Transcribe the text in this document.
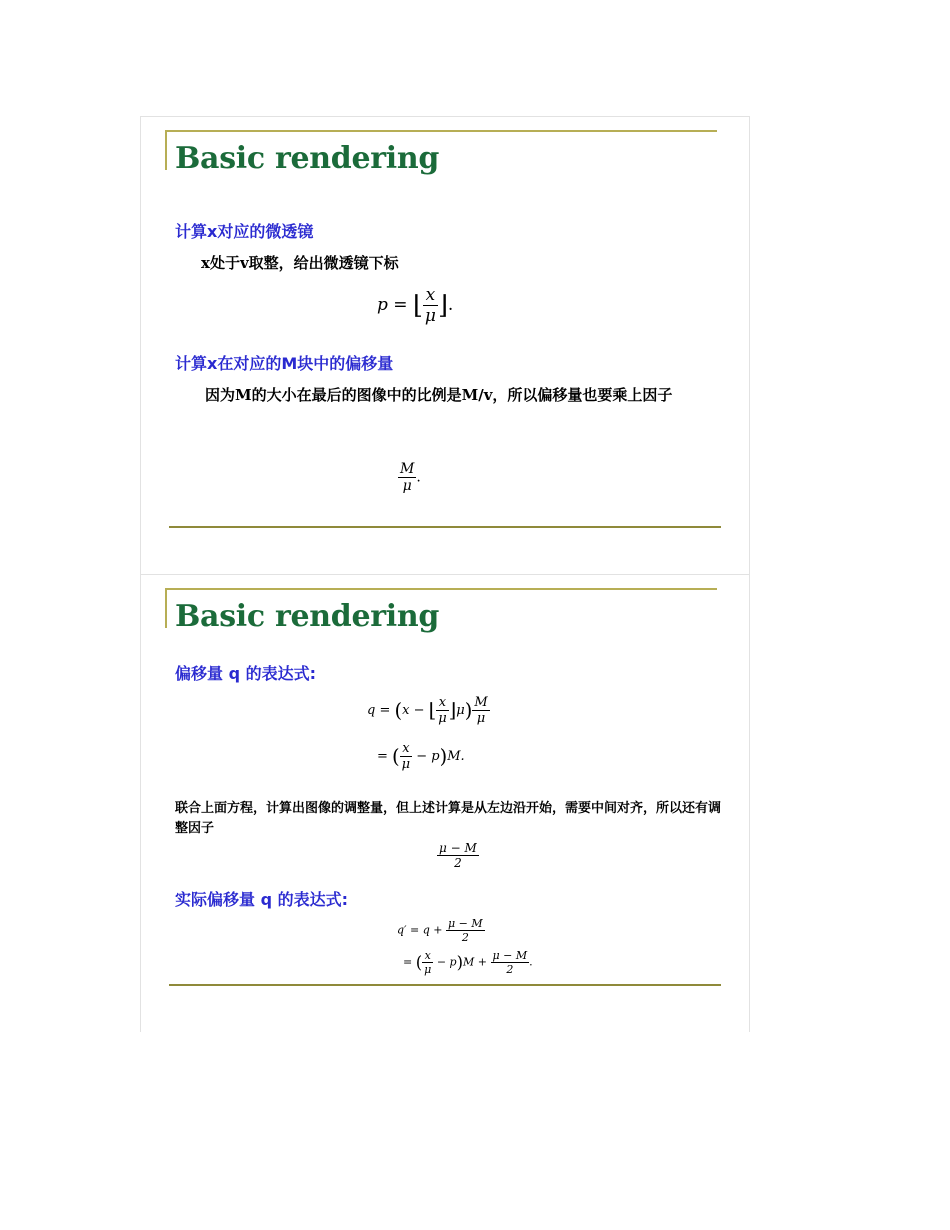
Basic rendering
计算x对应的微透镜
x处于v取整，给出微透镜下标
p = ⌊ $\frac{x}{\mu}$ ⌋.
计算x在对应的M块中的偏移量
因为M的大小在最后的图像中的比例是M/v，所以偏移量也要乘上因子
$\frac{M}{\mu}$ .
Basic rendering
偏移量 q 的表达式:
q = (x − ⌊ $\frac{x}{\mu}$ ⌋μ) $\frac{M}{\mu}$
= ( $\frac{x}{\mu} - p)M$.
联合上面方程，计算出图像的调整量，但上述计算是从左边沿开始，需要中间对齐，所以还有调整因子
$\frac{\mu - M}{2}$
实际偏移量 q 的表达式:
$q' = q + \frac{\mu - M}{2}$
= ( $\frac{x}{\mu} - p)M + \frac{\mu - M}{2}$ .
